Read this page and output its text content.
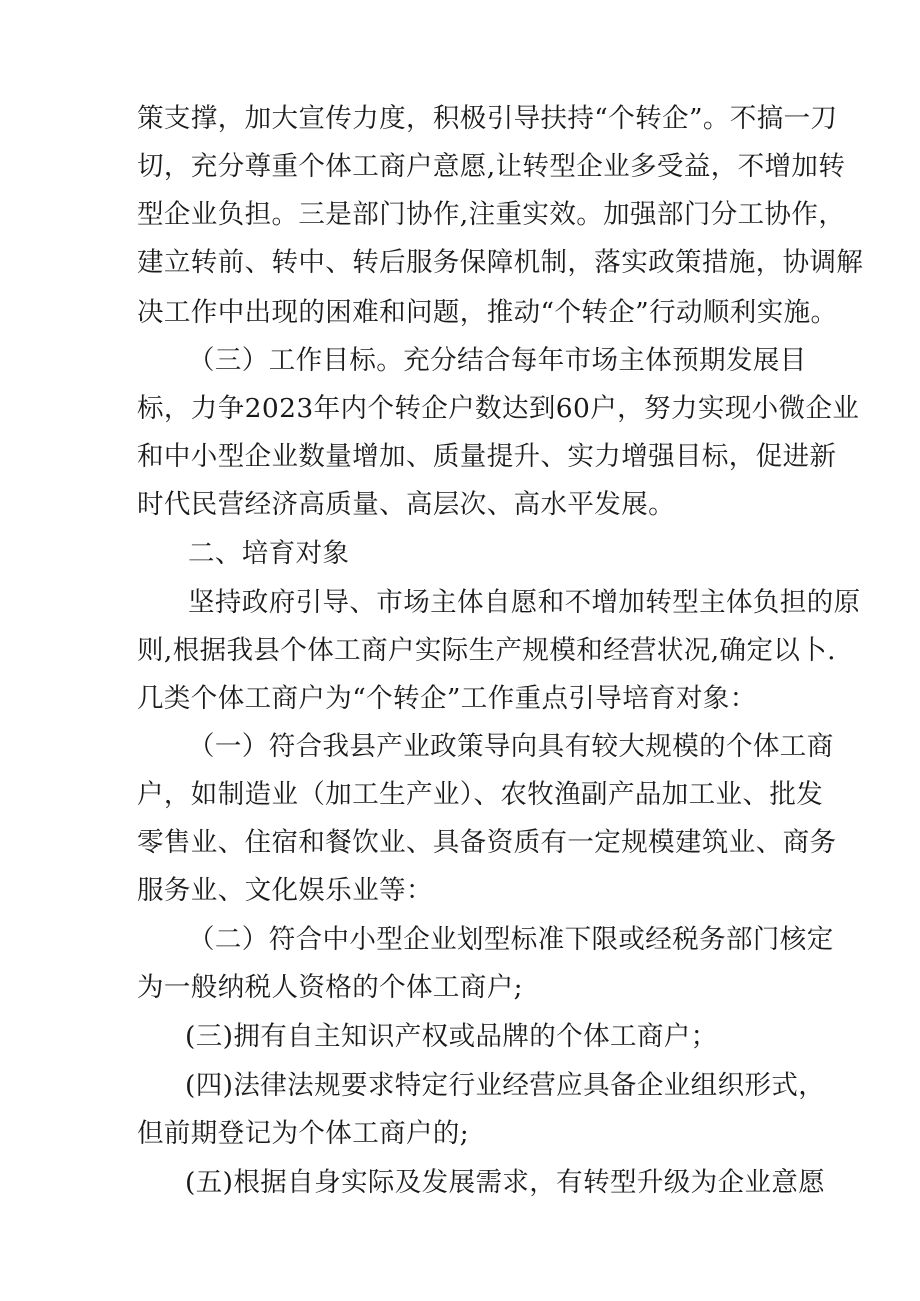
策支撑，加大宣传力度，积极引导扶持“个转企”。不搞一刀
切，充分尊重个体工商户意愿,让转型企业多受益，不增加转
型企业负担。三是部门协作,注重实效。加强部门分工协作，
建立转前、转中、转后服务保障机制，落实政策措施，协调解
决工作中出现的困难和问题，推动“个转企”行动顺利实施。
（三）工作目标。充分结合每年市场主体预期发展目
标，力争2023年内个转企户数达到60户，努力实现小微企业
和中小型企业数量增加、质量提升、实力增强目标，促进新
时代民营经济高质量、高层次、高水平发展。
二、培育对象
坚持政府引导、市场主体自愿和不增加转型主体负担的原
则,根据我县个体工商户实际生产规模和经营状况,确定以卜.
几类个体工商户为“个转企”工作重点引导培育对象：
（一）符合我县产业政策导向具有较大规模的个体工商
户，如制造业（加工生产业）、农牧渔副产品加工业、批发
零售业、住宿和餐饮业、具备资质有一定规模建筑业、商务
服务业、文化娱乐业等：
（二）符合中小型企业划型标准下限或经税务部门核定
为一般纳税人资格的个体工商户;
(三)拥有自主知识产权或品牌的个体工商户；
(四)法律法规要求特定行业经营应具备企业组织形式，
但前期登记为个体工商户的;
(五)根据自身实际及发展需求，有转型升级为企业意愿
